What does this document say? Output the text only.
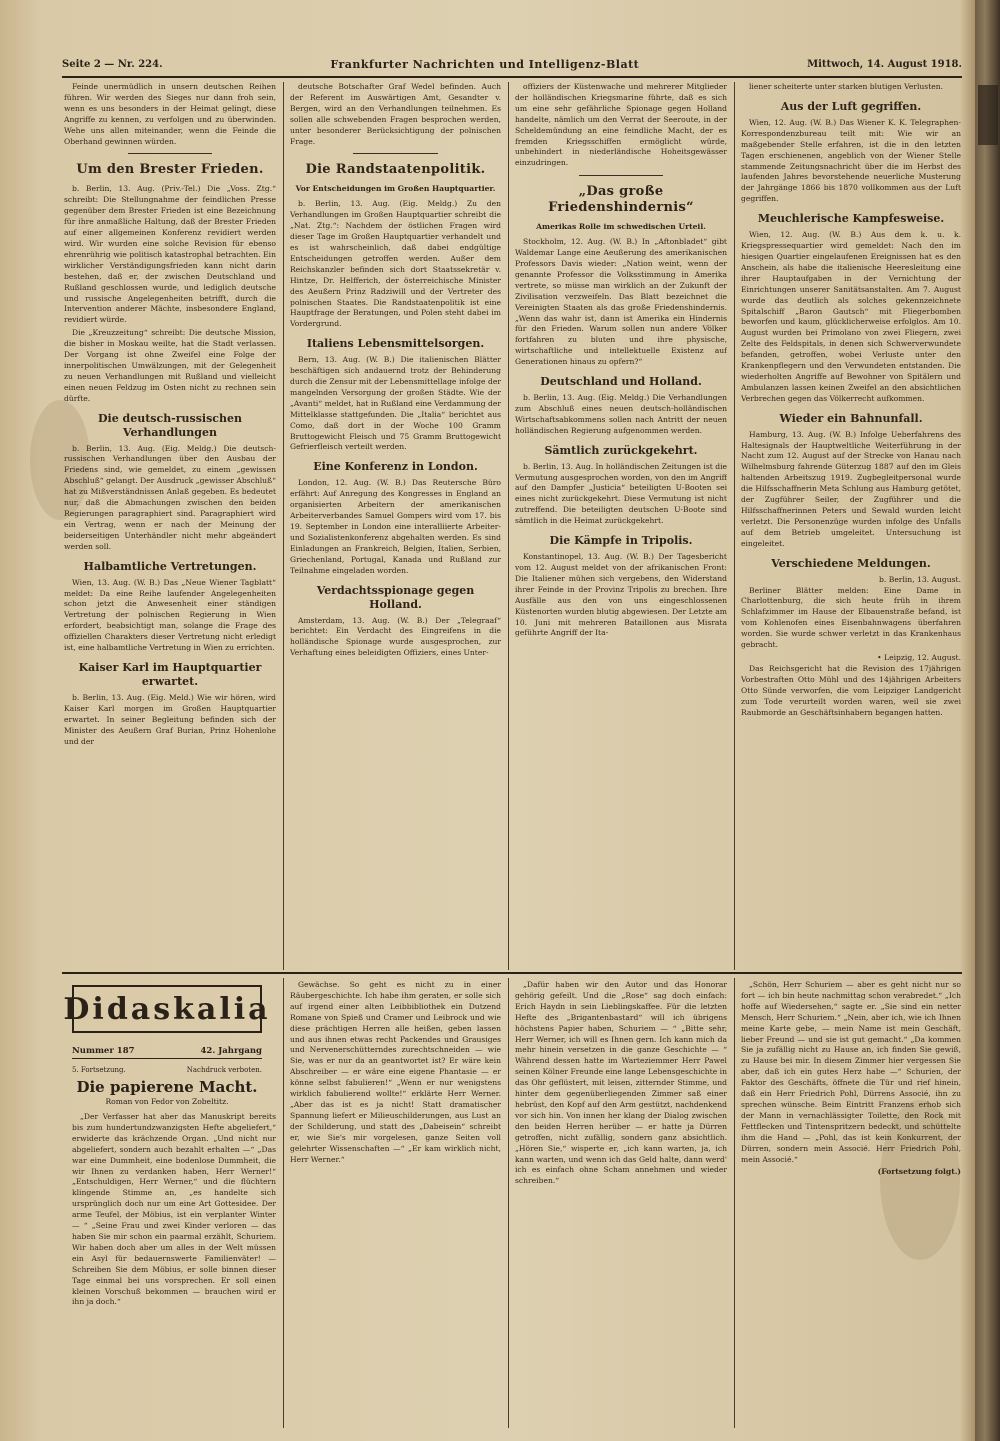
Seite 2 — Nr. 224.	Frankfurter Nachrichten und Intelligenz-Blatt	Mittwoch, 14. August 1918.

Feinde unermüdlich in unsern deutschen Reihen führen. Wir werden des Sieges nur dann froh sein, wenn es uns besonders in der Heimat gelingt, diese Angriffe zu kennen, zu verfolgen und zu überwinden. Wehe uns allen miteinander, wenn die Feinde die Oberhand gewinnen würden.

Um den Brester Frieden.

b. Berlin, 13. Aug. (Priv.-Tel.) Die „Voss. Ztg.“ schreibt: Die Stellungnahme der feindlichen Presse gegenüber dem Brester Frieden ist eine Bezeichnung für ihre anmaßliche Haltung, daß der Brester Frieden auf einer allgemeinen Konferenz revidiert werden wird. Wir wurden eine solche Revision für ebenso ehrenrührig wie politisch katastrophal betrachten. Ein wirklicher Verständigungsfrieden kann nicht darin bestehen, daß er, der zwischen Deutschland und Rußland geschlossen wurde, und lediglich deutsche und russische Angelegenheiten betrifft, durch die Intervention anderer Mächte, insbesondere England, revidiert würde.

Die „Kreuzzeitung“ schreibt: Die deutsche Mission, die bisher in Moskau weilte, hat die Stadt verlassen. Der Vorgang ist ohne Zweifel eine Folge der innerpolitischen Umwälzungen, mit der Gelegenheit zu neuen Verhandlungen mit Rußland und vielleicht einen neuen Feldzug im Osten nicht zu rechnen sein dürfte.

Die deutsch-russischen Verhandlungen

b. Berlin, 13. Aug. (Eig. Meldg.) Die deutsch-russischen Verhandlungen über den Ausbau der Friedens sind, wie gemeldet, zu einem „gewissen Abschluß“ gelangt. Der Ausdruck „gewisser Abschluß“ hat zu Mißverständnissen Anlaß gegeben. Es bedeutet nur, daß die Abmachungen zwischen den beiden Regierungen paragraphiert sind. Paragraphiert wird ein Vertrag, wenn er nach der Meinung der beiderseitigen Unterhändler nicht mehr abgeändert werden soll.

Halbamtliche Vertretungen.

Wien, 13. Aug. (W. B.) Das „Neue Wiener Tagblatt“ meldet: Da eine Reihe laufender Angelegenheiten schon jetzt die Anwesenheit einer ständigen Vertretung der polnischen Regierung in Wien erfordert, beabsichtigt man, solange die Frage des offiziellen Charakters dieser Vertretung nicht erledigt ist, eine halbamtliche Vertretung in Wien zu errichten.

Kaiser Karl im Hauptquartier erwartet.

b. Berlin, 13. Aug. (Eig. Meld.) Wie wir hören, wird Kaiser Karl morgen im Großen Hauptquartier erwartet. In seiner Begleitung befinden sich der Minister des Aeußern Graf Burian, Prinz Hohenlohe und der

deutsche Botschafter Graf Wedel befinden. Auch der Referent im Auswärtigen Amt, Gesandter v. Bergen, wird an den Verhandlungen teilnehmen. Es sollen alle schwebenden Fragen besprochen werden, unter besonderer Berücksichtigung der polnischen Frage.

Die Randstaatenpolitik.
Vor Entscheidungen im Großen Hauptquartier.

b. Berlin, 13. Aug. (Eig. Meldg.) Zu den Verhandlungen im Großen Hauptquartier schreibt die „Nat. Ztg.“: Nachdem der östlichen Fragen wird dieser Tage im Großen Hauptquartier verhandelt und es ist wahrscheinlich, daß dabei endgültige Entscheidungen getroffen werden. Außer dem Reichskanzler befinden sich dort Staatssekretär v. Hintze, Dr. Helfferich, der österreichische Minister des Aeußern Prinz Radziwill und der Vertreter des polnischen Staates. Die Randstaatenpolitik ist eine Hauptfrage der Beratungen, und Polen steht dabei im Vordergrund.

Italiens Lebensmittelsorgen.

Bern, 13. Aug. (W. B.) Die italienischen Blätter beschäftigen sich andauernd trotz der Behinderung durch die Zensur mit der Lebensmittellage infolge der mangelnden Versorgung der großen Städte. Wie der „Avanti“ meldet, hat in Rußland eine Verdammung der Mittelklasse stattgefunden. Die „Italia“ berichtet aus Como, daß dort in der Woche 100 Gramm Bruttogewicht Fleisch und 75 Gramm Bruttogewicht Gefrierfleisch verteilt werden.

Eine Konferenz in London.

London, 12. Aug. (W. B.) Das Reutersche Büro erfährt: Auf Anregung des Kongresses in England an organisierten Arbeitern der amerikanischen Arbeiterverbandes Samuel Gompers wird vom 17. bis 19. September in London eine interalliierte Arbeiter- und Sozialistenkonferenz abgehalten werden. Es sind Einladungen an Frankreich, Belgien, Italien, Serbien, Griechenland, Portugal, Kanada und Rußland zur Teilnahme eingeladen worden.

Verdachtsspionage gegen Holland.

Amsterdam, 13. Aug. (W. B.) Der „Telegraaf“ berichtet: Ein Verdacht des Eingreifens in die holländische Spionage wurde ausgesprochen, zur Verhaftung eines beleidigten Offiziers, eines Unter-

offiziers der Küstenwache und mehrerer Mitglieder der holländischen Kriegsmarine führte, daß es sich um eine sehr gefährliche Spionage gegen Holland handelte, nämlich um den Verrat der Seeroute, in der Scheldemündung an eine feindliche Macht, der es fremden Kriegsschiffen ermöglicht würde, unbehindert in niederländische Hoheitsgewässer einzudringen.

„Das große Friedenshindernis“
Amerikas Rolle im schwedischen Urteil.

Stockholm, 12. Aug. (W. B.) In „Aftonbladet“ gibt Waldemar Lange eine Aeußerung des amerikanischen Professors Davis wieder: „Nation weint, wenn der genannte Professor die Volksstimmung in Amerika vertrete, so müsse man wirklich an der Zukunft der Zivilisation verzweifeln. Das Blatt bezeichnet die Vereinigten Staaten als das große Friedenshindernis. „Wenn das wahr ist, dann ist Amerika ein Hindernis für den Frieden. Warum sollen nun andere Völker fortfahren zu bluten und ihre physische, wirtschaftliche und intellektuelle Existenz auf Generationen hinaus zu opfern?“

Deutschland und Holland.

b. Berlin, 13. Aug. (Eig. Meldg.) Die Verhandlungen zum Abschluß eines neuen deutsch-holländischen Wirtschaftsabkommens sollen nach Antritt der neuen holländischen Regierung aufgenommen werden.

Sämtlich zurückgekehrt.

b. Berlin, 13. Aug. In holländischen Zeitungen ist die Vermutung ausgesprochen worden, von den im Angriff auf den Dampfer „Justicia“ beteiligten U-Booten sei eines nicht zurückgekehrt. Diese Vermutung ist nicht zutreffend. Die beteiligten deutschen U-Boote sind sämtlich in die Heimat zurückgekehrt.

Die Kämpfe in Tripolis.

Konstantinopel, 13. Aug. (W. B.) Der Tagesbericht vom 12. August meldet von der afrikanischen Front: Die Italiener mühen sich vergebens, den Widerstand ihrer Feinde in der Provinz Tripolis zu brechen. Ihre Ausfälle aus den von uns eingeschlossenen Küstenorten wurden blutig abgewiesen. Der Letzte am 10. Juni mit mehreren Bataillonen aus Misrata geführte Angriff der Ita-

liener scheiterte unter starken blutigen Verlusten.

Aus der Luft gegriffen.

Wien, 12. Aug. (W. B.) Das Wiener K. K. Telegraphen-Korrespondenzbureau teilt mit: Wie wir an maßgebender Stelle erfahren, ist die in den letzten Tagen erschienenen, angeblich von der Wiener Stelle stammende Zeitungsnachricht über die im Herbst des laufenden Jahres bevorstehende neuerliche Musterung der Jahrgänge 1866 bis 1870 vollkommen aus der Luft gegriffen.

Meuchlerische Kampfesweise.

Wien, 12. Aug. (W. B.) Aus dem k. u. k. Kriegspressequartier wird gemeldet: Nach den im hiesigen Quartier eingelaufenen Ereignissen hat es den Anschein, als habe die italienische Heeresleitung eine ihrer Hauptaufgaben in der Vernichtung der Einrichtungen unserer Sanitätsanstalten. Am 7. August wurde das deutlich als solches gekennzeichnete Spitalschiff „Baron Gautsch“ mit Fliegerbomben beworfen und kaum, glücklicherweise erfolglos. Am 10. August wurden bei Primolano von zwei Fliegern, zwei Zelte des Feldspitals, in denen sich Schwerverwundete befanden, getroffen, wobei Verluste unter den Krankenpflegern und den Verwundeten entstanden. Die wiederholten Angriffe auf Bewohner von Spitälern und Ambulanzen lassen keinen Zweifel an den absichtlichen Verbrechen gegen das Völkerrecht aufkommen.

Wieder ein Bahnunfall.

Hamburg, 13. Aug. (W. B.) Infolge Ueberfahrens des Haltesignals der Hauptweltliche Weiterführung in der Nacht zum 12. August auf der Strecke von Hanau nach Wilhelmsburg fahrende Güterzug 1887 auf den im Gleis haltenden Arbeitszug 1919. Zugbegleitpersonal wurde die Hilfsschaffnerin Meta Schlung aus Hamburg getötet, der Zugführer Seiler, der Zugführer und die Hilfsschaffnerinnen Peters und Sewald wurden leicht verletzt. Die Personenzüge wurden infolge des Unfalls auf dem Betrieb umgeleitet. Untersuchung ist eingeleitet.

Verschiedene Meldungen.
b. Berlin, 13. August.

Berliner Blätter melden: Eine Dame in Charlottenburg, die sich heute früh in ihrem Schlafzimmer im Hause der Elbauenstraße befand, ist vom Kohlenofen eines Eisenbahnwagens überfahren worden. Sie wurde schwer verletzt in das Krankenhaus gebracht.

• Leipzig, 12. August.

Das Reichsgericht hat die Revision des 17jährigen Vorbestraften Otto Mühl und des 14jährigen Arbeiters Otto Sünde verworfen, die vom Leipziger Landgericht zum Tode verurteilt worden waren, weil sie zwei Raubmorde an Geschäftsinhabern begangen hatten.

Didaskalia
Nummer 187	42. Jahrgang
5. Fortsetzung.	Nachdruck verboten.
Die papierene Macht.
Roman von Fedor von Zobeltitz.

„Der Verfasser hat aber das Manuskript bereits bis zum hundertundzwanzigsten Hefte abgeliefert,“ erwiderte das krächzende Organ. „Und nicht nur abgeliefert, sondern auch bezahlt erhalten —“ „Das war eine Dummheit, eine bodenlose Dummheit, die wir Ihnen zu verdanken haben, Herr Werner!“ „Entschuldigen, Herr Werner,“ und die flüchtern klingende Stimme an, „es handelte sich ursprünglich doch nur um eine Art Gottesidee. Der arme Teufel, der Möbius, ist ein verplanter Winter — “ „Seine Frau und zwei Kinder verloren — das haben Sie mir schon ein paarmal erzählt, Schuriem. Wir haben doch aber um alles in der Welt müssen ein Asyl für bedauernswerte Familienväter! — Schreiben Sie dem Möbius, er solle binnen dieser Tage einmal bei uns vorsprechen. Er soll einen kleinen Vorschuß bekommen — brauchen wird er ihn ja doch.“

Gewächse. So geht es nicht zu in einer Räubergeschichte. Ich habe ihm geraten, er solle sich auf irgend einer alten Leibbibliothek ein Dutzend Romane von Spieß und Cramer und Leibrock und wie diese prächtigen Herren alle heißen, geben lassen und aus ihnen etwas recht Packendes und Grausiges und Nervenerschütterndes zurechtschneiden — wie Sie, was er nur da an geantwortet ist? Er wäre kein Abschreiber — er wäre eine eigene Phantasie — er könne selbst fabulieren!“ „Wenn er nur wenigstens wirklich fabulierend wollte!“ erklärte Herr Werner. „Aber das ist es ja nicht! Statt dramatischer Spannung liefert er Milieuschilderungen, aus Lust an der Schilderung, und statt des „Dabeisein“ schreibt er, wie Sie's mir vorgelesen, ganze Seiten voll gelehrter Wissenschaften —“ „Er kam wirklich nicht, Herr Werner.“

„Dafür haben wir den Autor und das Honorar gehörig gefeilt. Und die „Rose“ sag doch einfach: Erich Haydn in sein Lieblingskaffee. Für die letzten Hefte des „Brigantenbastard“ will ich übrigens höchstens Papier haben, Schuriem — “ „Bitte sehr, Herr Werner, ich will es Ihnen gern. Ich kann mich da mehr hinein versetzen in die ganze Geschichte — “ Während dessen hatte im Warteziemmer Herr Pawel seinen Kölner Freunde eine lange Lebensgeschichte in das Ohr geflüstert, mit leisen, zitternder Stimme, und hinter dem gegenüberliegenden Zimmer saß einer hebrüst, den Kopf auf den Arm gestützt, nachdenkend vor sich hin. Von innen her klang der Dialog zwischen den beiden Herren herüber — er hatte ja Dürren getroffen, nicht zufällig, sondern ganz absichtlich. „Hören Sie,“ wisperte er, „ich kann warten, ja, ich kann warten, und wenn ich das Geld halte, dann werd' ich es einfach ohne Scham annehmen und wieder schreiben.“

„Schön, Herr Schuriem — aber es geht nicht nur so fort — ich bin heute nachmittag schon verabredet.“ „Ich hoffe auf Wiedersehen,“ sagte er. „Sie sind ein netter Mensch, Herr Schuriem.“ „Nein, aber ich, wie ich Ihnen meine Karte gebe, — mein Name ist mein Geschäft, lieber Freund — und sie ist gut gemacht.“ „Da kommen Sie ja zufällig nicht zu Hause an, ich finden Sie gewiß, zu Hause bei mir. In diesem Zimmer hier vergessen Sie aber, daß ich ein gutes Herz habe —“ Schurien, der Faktor des Geschäfts, öffnete die Tür und rief hinein, daß ein Herr Friedrich Pohl, Dürrens Associé, ihn zu sprechen wünsche. Beim Eintritt Franzens erhob sich der Mann in vernachlässigter Toilette, den Rock mit Fettflecken und Tintenspritzern bedeckt, und schüttelte ihm die Hand — „Pohl, das ist kein Konkurrent, der Dürren, sondern mein Associé. Herr Friedrich Pohl, mein Associé.“

(Fortsetzung folgt.)
